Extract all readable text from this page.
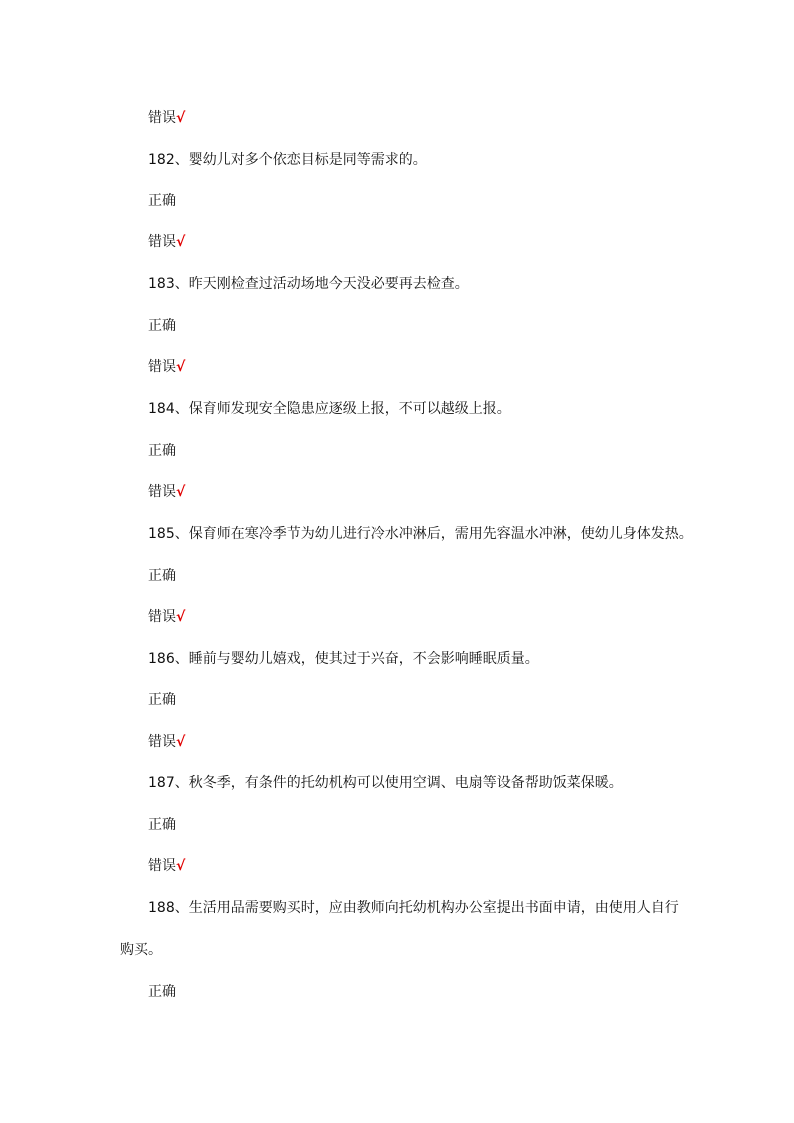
错误√
182、婴幼儿对多个依恋目标是同等需求的。
正确
错误√
183、昨天刚检查过活动场地今天没必要再去检查。
正确
错误√
184、保育师发现安全隐患应逐级上报，不可以越级上报。
正确
错误√
185、保育师在寒冷季节为幼儿进行冷水冲淋后，需用先容温水冲淋，使幼儿身体发热。
正确
错误√
186、睡前与婴幼儿嬉戏，使其过于兴奋，不会影响睡眠质量。
正确
错误√
187、秋冬季，有条件的托幼机构可以使用空调、电扇等设备帮助饭菜保暖。
正确
错误√
188、生活用品需要购买时，应由教师向托幼机构办公室提出书面申请，由使用人自行
购买。
正确
